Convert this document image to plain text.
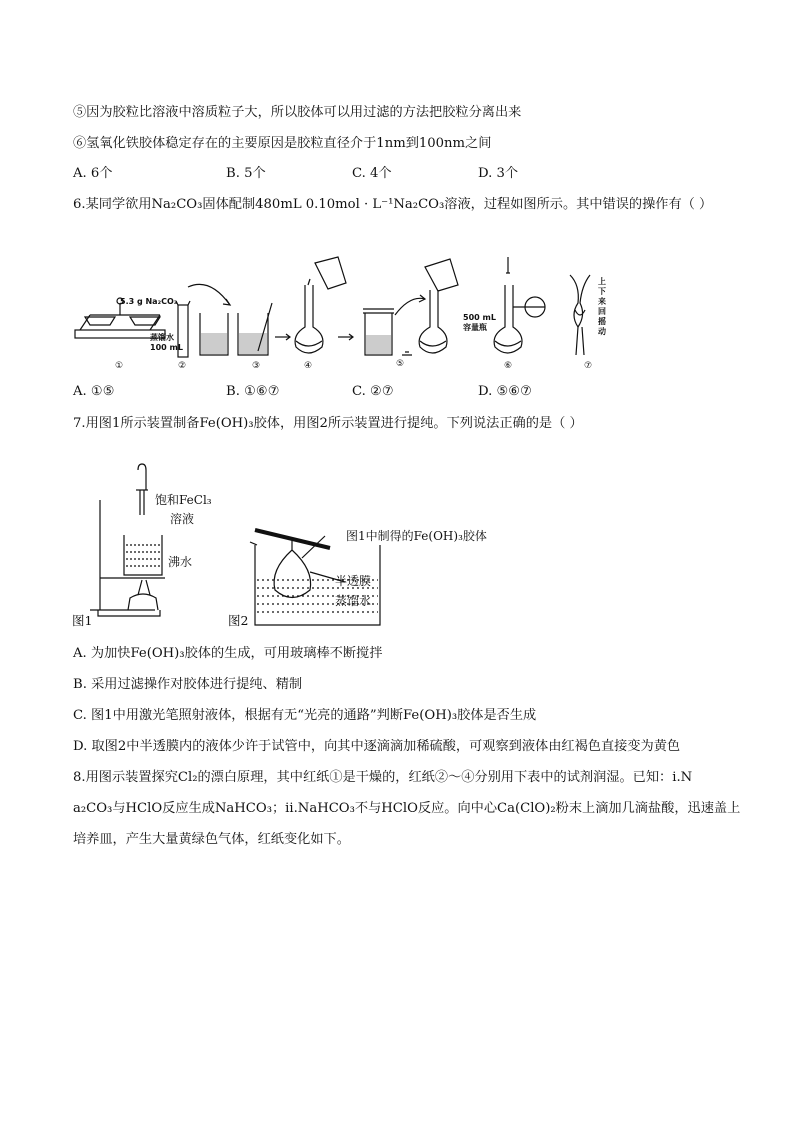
⑤因为胶粒比溶液中溶质粒子大，所以胶体可以用过滤的方法把胶粒分离出来
⑥氢氧化铁胶体稳定存在的主要原因是胶粒直径介于1nm到100nm之间
A. 6个	B. 5个	C. 4个	D. 3个
6.某同学欲用Na₂CO₃固体配制480mL 0.10mol · L⁻¹Na₂CO₃溶液，过程如图所示。其中错误的操作有（ ）
5.3 g Na₂CO₃
蒸馏水
100 mL
500 mL
容量瓶
上下来回摇动
①	②	③	④	⑤	⑥	⑦
A. ①⑤	B. ①⑥⑦	C. ②⑦	D. ⑤⑥⑦
7.用图1所示装置制备Fe(OH)₃胶体，用图2所示装置进行提纯。下列说法正确的是（ ）
饱和FeCl₃
溶液
沸水
图1
图1中制得的Fe(OH)₃胶体
半透膜
蒸馏水
图2
A. 为加快Fe(OH)₃胶体的生成，可用玻璃棒不断搅拌
B. 采用过滤操作对胶体进行提纯、精制
C. 图1中用激光笔照射液体，根据有无“光亮的通路”判断Fe(OH)₃胶体是否生成
D. 取图2中半透膜内的液体少许于试管中，向其中逐滴滴加稀硫酸，可观察到液体由红褐色直接变为黄色
8.用图示装置探究Cl₂的漂白原理，其中红纸①是干燥的，红纸②～④分别用下表中的试剂润湿。已知：ⅰ.N
a₂CO₃与HClO反应生成NaHCO₃；ⅱ.NaHCO₃不与HClO反应。向中心Ca(ClO)₂粉末上滴加几滴盐酸，迅速盖上
培养皿，产生大量黄绿色气体，红纸变化如下。
